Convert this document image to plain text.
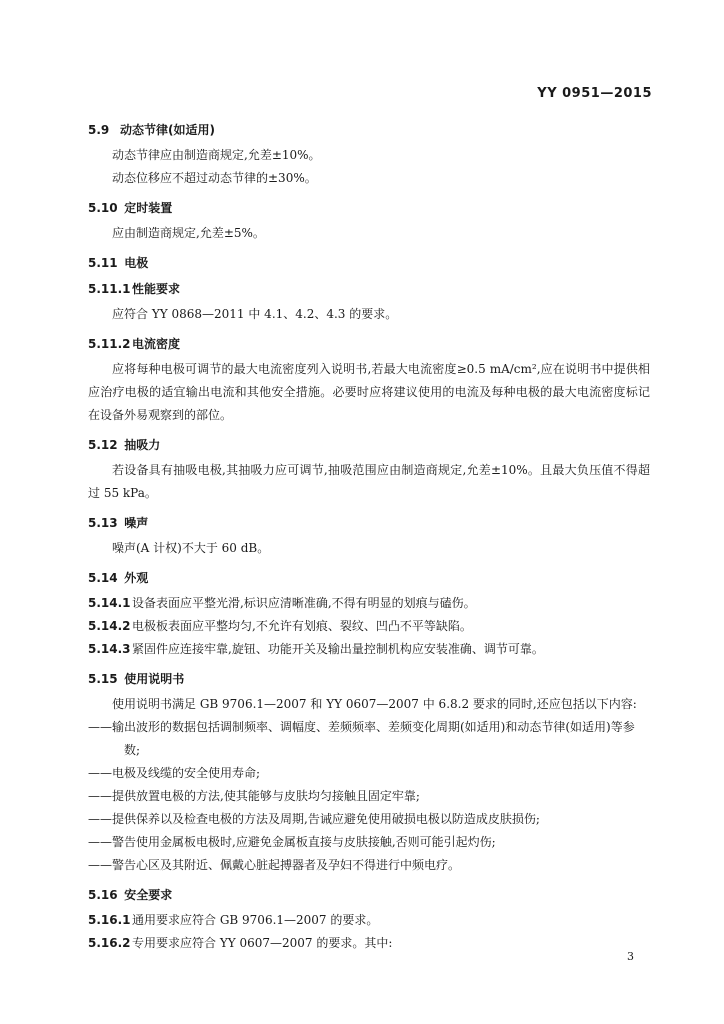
YY 0951—2015

5.9 动态节律(如适用)

动态节律应由制造商规定,允差±10%。

动态位移应不超过动态节律的±30%。

5.10 定时装置

应由制造商规定,允差±5%。

5.11 电极

5.11.1性能要求

应符合 YY 0868—2011 中 4.1、4.2、4.3 的要求。

5.11.2电流密度

应将每种电极可调节的最大电流密度列入说明书,若最大电流密度≥0.5 mA/cm²,应在说明书中提供相应治疗电极的适宜输出电流和其他安全措施。必要时应将建议使用的电流及每种电极的最大电流密度标记在设备外易观察到的部位。

5.12 抽吸力

若设备具有抽吸电极,其抽吸力应可调节,抽吸范围应由制造商规定,允差±10%。且最大负压值不得超过 55 kPa。

5.13 噪声

噪声(A 计权)不大于 60 dB。

5.14 外观

5.14.1设备表面应平整光滑,标识应清晰准确,不得有明显的划痕与磕伤。

5.14.2电极板表面应平整均匀,不允许有划痕、裂纹、凹凸不平等缺陷。

5.14.3紧固件应连接牢靠,旋钮、功能开关及输出量控制机构应安装准确、调节可靠。

5.15 使用说明书

使用说明书满足 GB 9706.1—2007 和 YY 0607—2007 中 6.8.2 要求的同时,还应包括以下内容:

——输出波形的数据包括调制频率、调幅度、差频频率、差频变化周期(如适用)和动态节律(如适用)等参数;

——电极及线缆的安全使用寿命;

——提供放置电极的方法,使其能够与皮肤均匀接触且固定牢靠;

——提供保养以及检查电极的方法及周期,告诫应避免使用破损电极以防造成皮肤损伤;

——警告使用金属板电极时,应避免金属板直接与皮肤接触,否则可能引起灼伤;

——警告心区及其附近、佩戴心脏起搏器者及孕妇不得进行中频电疗。

5.16 安全要求

5.16.1通用要求应符合 GB 9706.1—2007 的要求。

5.16.2专用要求应符合 YY 0607—2007 的要求。其中:

3
